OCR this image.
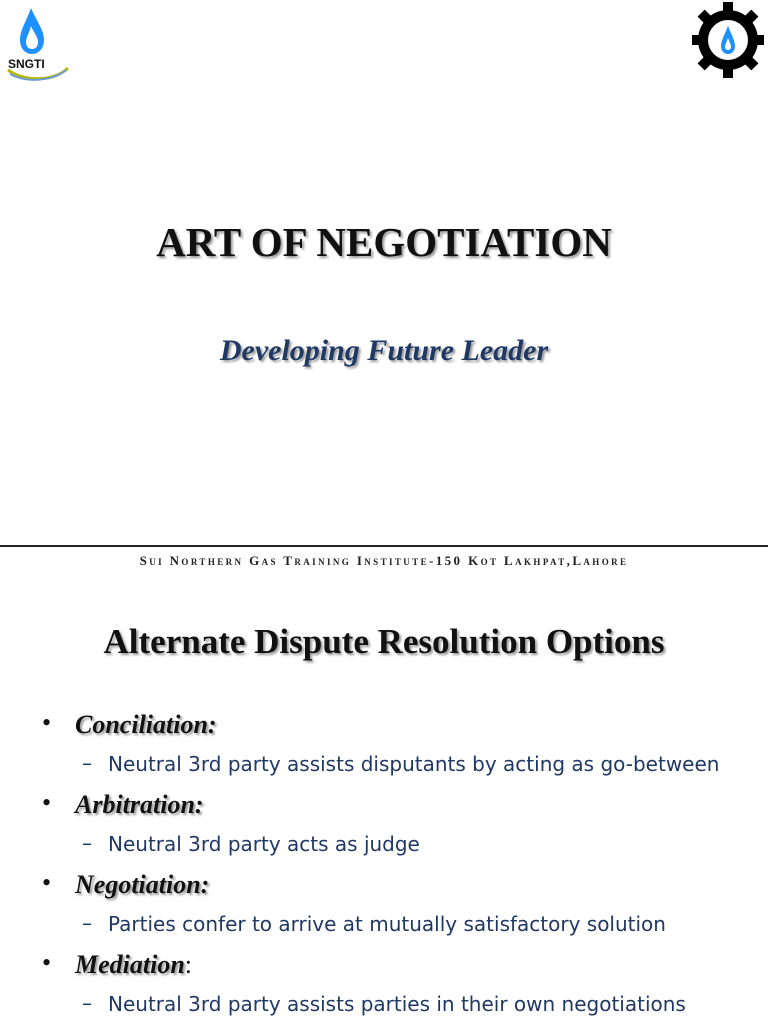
SNGTI
ART OF NEGOTIATION
Developing Future Leader
Sui Northern Gas Training Institute-150 Kot Lakhpat,Lahore
Alternate Dispute Resolution Options
• Conciliation:
– Neutral 3rd party assists disputants by acting as go-between
• Arbitration:
– Neutral 3rd party acts as judge
• Negotiation:
– Parties confer to arrive at mutually satisfactory solution
• Mediation:
– Neutral 3rd party assists parties in their own negotiations
